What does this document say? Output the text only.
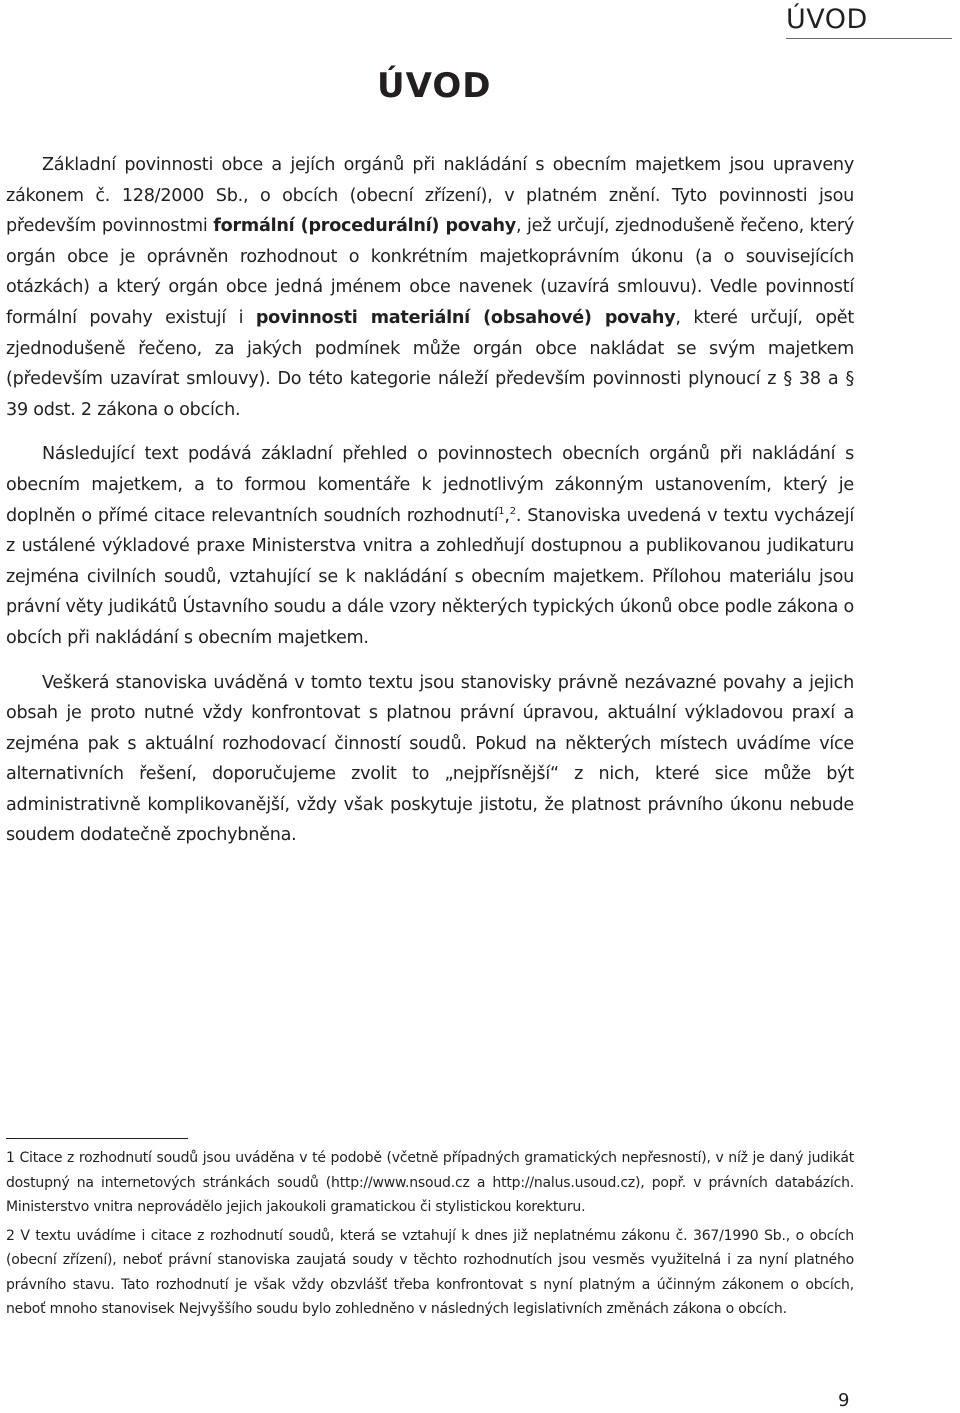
ÚVOD
ÚVOD

Základní povinnosti obce a jejích orgánů při nakládání s obecním majetkem jsou upraveny zákonem č. 128/2000 Sb., o obcích (obecní zřízení), v platném znění. Tyto povinnosti jsou především povinnostmi formální (procedurální) povahy, jež určují, zjednodušeně řečeno, který orgán obce je oprávněn rozhodnout o konkrétním majetkoprávním úkonu (a o souvisejících otázkách) a který orgán obce jedná jménem obce navenek (uzavírá smlouvu). Vedle povinností formální povahy existují i povinnosti materiální (obsahové) povahy, které určují, opět zjednodušeně řečeno, za jakých podmínek může orgán obce nakládat se svým majetkem (především uzavírat smlouvy). Do této kategorie náleží především povinnosti plynoucí z § 38 a § 39 odst. 2 zákona o obcích.

Následující text podává základní přehled o povinnostech obecních orgánů při nakládání s obecním majetkem, a to formou komentáře k jednotlivým zákonným ustanovením, který je doplněn o přímé citace relevantních soudních rozhodnutí$^1$,$^2$. Stanoviska uvedená v textu vycházejí z ustálené výkladové praxe Ministerstva vnitra a zohledňují dostupnou a publikovanou judikaturu zejména civilních soudů, vztahující se k nakládání s obecním majetkem. Přílohou materiálu jsou právní věty judikátů Ústavního soudu a dále vzory některých typických úkonů obce podle zákona o obcích při nakládání s obecním majetkem.

Veškerá stanoviska uváděná v tomto textu jsou stanovisky právně nezávazné povahy a jejich obsah je proto nutné vždy konfrontovat s platnou právní úpravou, aktuální výkladovou praxí a zejména pak s aktuální rozhodovací činností soudů. Pokud na některých místech uvádíme více alternativních řešení, doporučujeme zvolit to „nejpřísnější“ z nich, které sice může být administrativně komplikovanější, vždy však poskytuje jistotu, že platnost právního úkonu nebude soudem dodatečně zpochybněna.

1 Citace z rozhodnutí soudů jsou uváděna v té podobě (včetně případných gramatických nepřesností), v níž je daný judikát dostupný na internetových stránkách soudů (http://www.nsoud.cz a http://nalus.usoud.cz), popř. v právních databázích. Ministerstvo vnitra neprovádělo jejich jakoukoli gramatickou či stylistickou korekturu.

2 V textu uvádíme i citace z rozhodnutí soudů, která se vztahují k dnes již neplatnému zákonu č. 367/1990 Sb., o obcích (obecní zřízení), neboť právní stanoviska zaujatá soudy v těchto rozhodnutích jsou vesměs využitelná i za nyní platného právního stavu. Tato rozhodnutí je však vždy obzvlášť třeba konfrontovat s nyní platným a účinným zákonem o obcích, neboť mnoho stanovisek Nejvyššího soudu bylo zohledněno v následných legislativních změnách zákona o obcích.

9
